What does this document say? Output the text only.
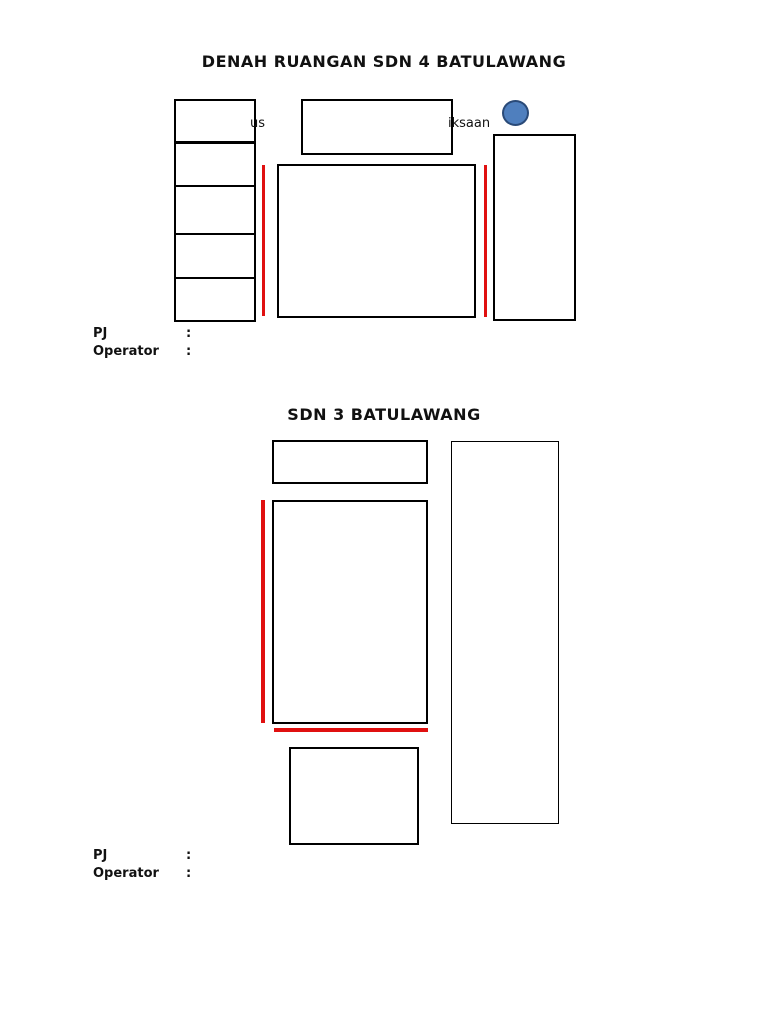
DENAH RUANGAN SDN 4 BATULAWANG
us	iksaan
PJ	:
Operator :
SDN 3 BATULAWANG
PJ	:
Operator :
